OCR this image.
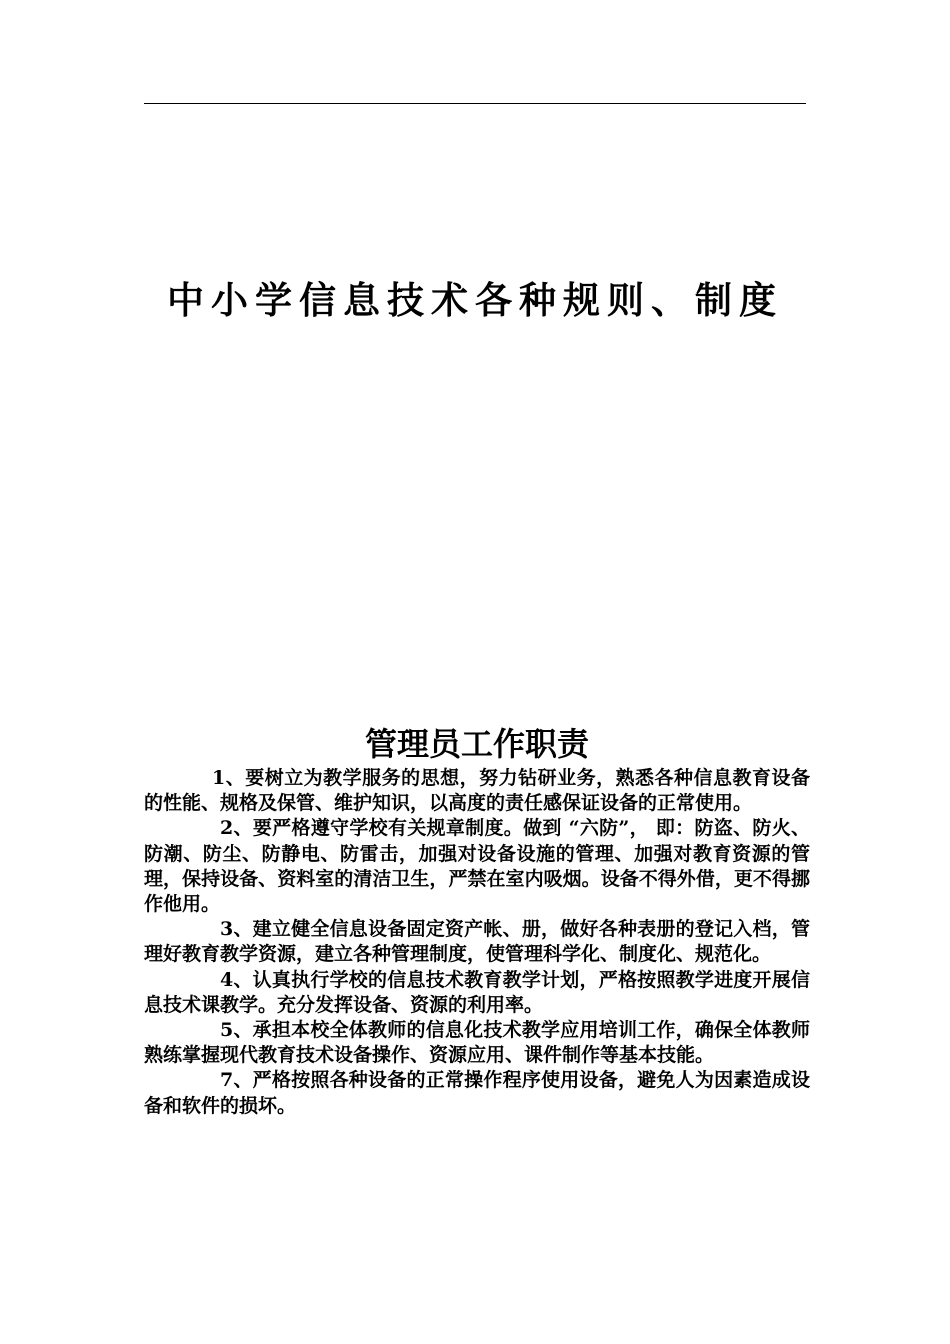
中小学信息技术各种规则、制度
管理员工作职责

1、要树立为教学服务的思想，努力钻研业务，熟悉各种信息教育设备的性能、规格及保管、维护知识，以高度的责任感保证设备的正常使用。

2、要严格遵守学校有关规章制度。做到 “六防”， 即：防盗、防火、防潮、防尘、防静电、防雷击，加强对设备设施的管理、加强对教育资源的管理，保持设备、资料室的清洁卫生，严禁在室内吸烟。设备不得外借，更不得挪作他用。

3、建立健全信息设备固定资产帐、册，做好各种表册的登记入档，管理好教育教学资源，建立各种管理制度，使管理科学化、制度化、规范化。

4、认真执行学校的信息技术教育教学计划，严格按照教学进度开展信息技术课教学。充分发挥设备、资源的利用率。

5、承担本校全体教师的信息化技术教学应用培训工作，确保全体教师熟练掌握现代教育技术设备操作、资源应用、课件制作等基本技能。

7、严格按照各种设备的正常操作程序使用设备，避免人为因素造成设备和软件的损坏。
